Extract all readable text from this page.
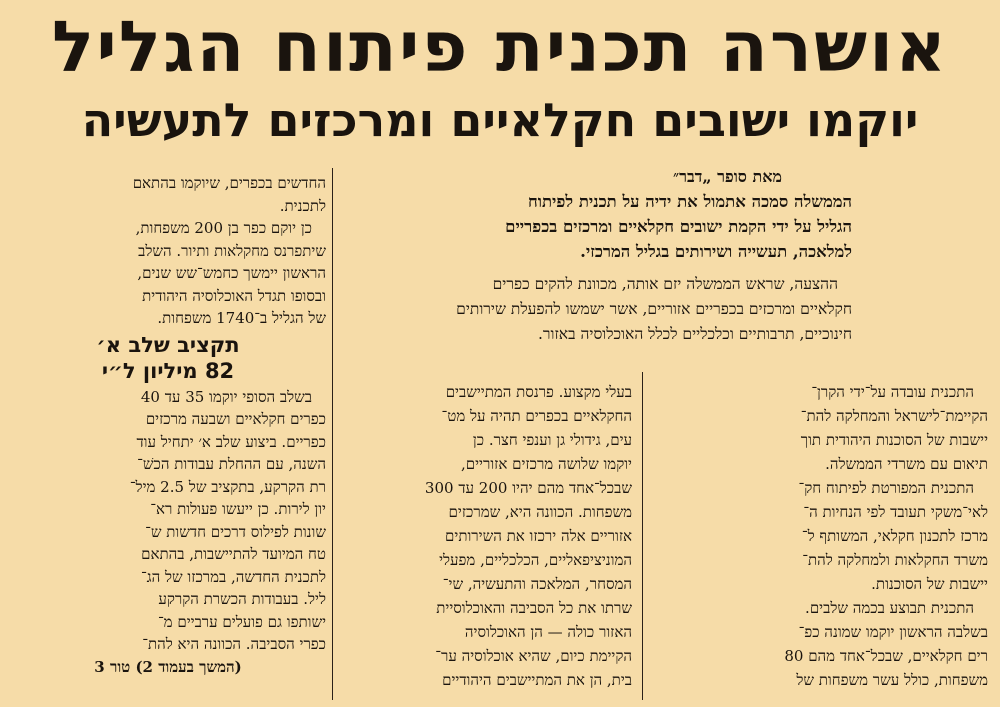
אושרה תכנית פיתוח הגליל
יוקמו ישובים חקלאיים ומרכזים לתעשיה

מאת סופר „דבר״

הממשלה סמכה אתמול את ידיה על תכנית לפיתוח
הגליל על ידי הקמת ישובים חקלאיים ומרכזים בכפריים
למלאכה, תעשייה ושירותים בגליל המרכזי.
ההצעה, שראש הממשלה יזם אותה, מכוונת להקים כפרים
חקלאיים ומרכזים בכפריים אזוריים, אשר ישמשו להפעלת שירותים
חינוכיים, תרבותיים וכלכליים לכלל האוכלוסיה באזור.
התכנית עובדה על־ידי הקרן־
הקיימת־לישראל והמחלקה להת־
יישבות של הסוכנות היהודית תוך
תיאום עם משרדי הממשלה.
התכנית המפורטת לפיתוח חק־
לאי־משקי תעובד לפי הנחיות ה־
מרכז לתכנון חקלאי, המשותף ל־
משרד החקלאות ולמחלקה להת־
יישבות של הסוכנות.
התכנית תבוצע בכמה שלבים.
בשלבה הראשון יוקמו שמונה כפ־
רים חקלאיים, שבכל־אחד מהם 80
משפחות, כולל עשר משפחות של
בעלי מקצוע. פרנסת המתיישבים
החקלאיים בכפרים תהיה על מט־
עים, גידולי גן וענפי חצר. כן
יוקמו שלושה מרכזים אזוריים,
שבכל־אחד מהם יהיו 200 עד 300
משפחות. הכוונה היא, שמרכזים
אזוריים אלה ירכזו את השירותים
המוניציפאליים, הכלכליים, מפעלי
המסחר, המלאכה והתעשיה, שי־
שרתו את כל הסביבה והאוכלוסיית
האזור כולה — הן האוכלוסיה
הקיימת כיום, שהיא אוכלוסיה ער־
בית, הן את המתיישבים היהודיים
החדשים בכפרים, שיוקמו בהתאם
לתכנית.
כן יוקם כפר בן 200 משפחות,
שיתפרנס מחקלאות ותיור. השלב
הראשון יימשך כחמש־שש שנים,
ובסופו תגדל האוכלוסיה היהודית
של הגליל ב־1740 משפחות.
תקציב שלב א׳
82 מיליון ל״י
בשלב הסופי יוקמו 35 עד 40
כפרים חקלאיים ושבעה מרכזים
כפריים. ביצוע שלב א׳ יתחיל עוד
השנה, עם ההחלת עבודות הכשׁ־
רת הקרקע, בתקציב של 2.5 מיל־
יון לירות. כן ייעשו פעולות רא־
שונות לפילוס דרכים חדשות ש־
טח המיועד להתיישבות, בהתאם
לתכנית החדשה, במרכזו של הג־
ליל. בעבודות הכשרת הקרקע
ישותפו גם פועלים ערביים מ־
כפרי הסביבה. הכוונה היא להת־
(המשך בעמוד 2) טור 3
